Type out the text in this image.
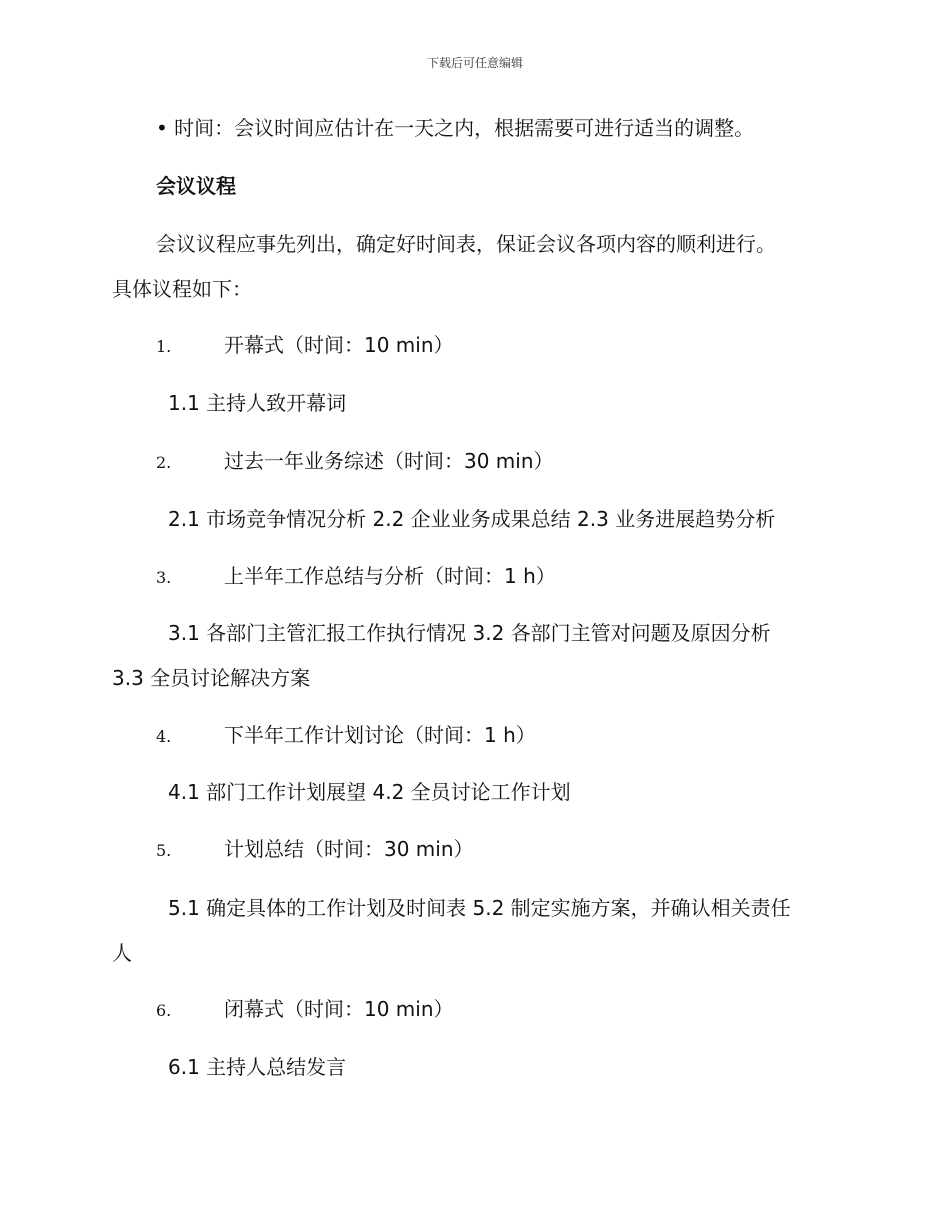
下载后可任意编辑
• 时间：会议时间应估计在一天之内，根据需要可进行适当的调整。
会议议程
会议议程应事先列出，确定好时间表，保证会议各项内容的顺利进行。
具体议程如下：
1.	开幕式（时间：10 min）
1.1 主持人致开幕词
2.	过去一年业务综述（时间：30 min）
2.1 市场竞争情况分析 2.2 企业业务成果总结 2.3 业务进展趋势分析
3.	上半年工作总结与分析（时间：1 h）
3.1 各部门主管汇报工作执行情况 3.2 各部门主管对问题及原因分析
3.3 全员讨论解决方案
4.	下半年工作计划讨论（时间：1 h）
4.1 部门工作计划展望 4.2 全员讨论工作计划
5.	计划总结（时间：30 min）
5.1 确定具体的工作计划及时间表 5.2 制定实施方案，并确认相关责任
人
6.	闭幕式（时间：10 min）
6.1 主持人总结发言
